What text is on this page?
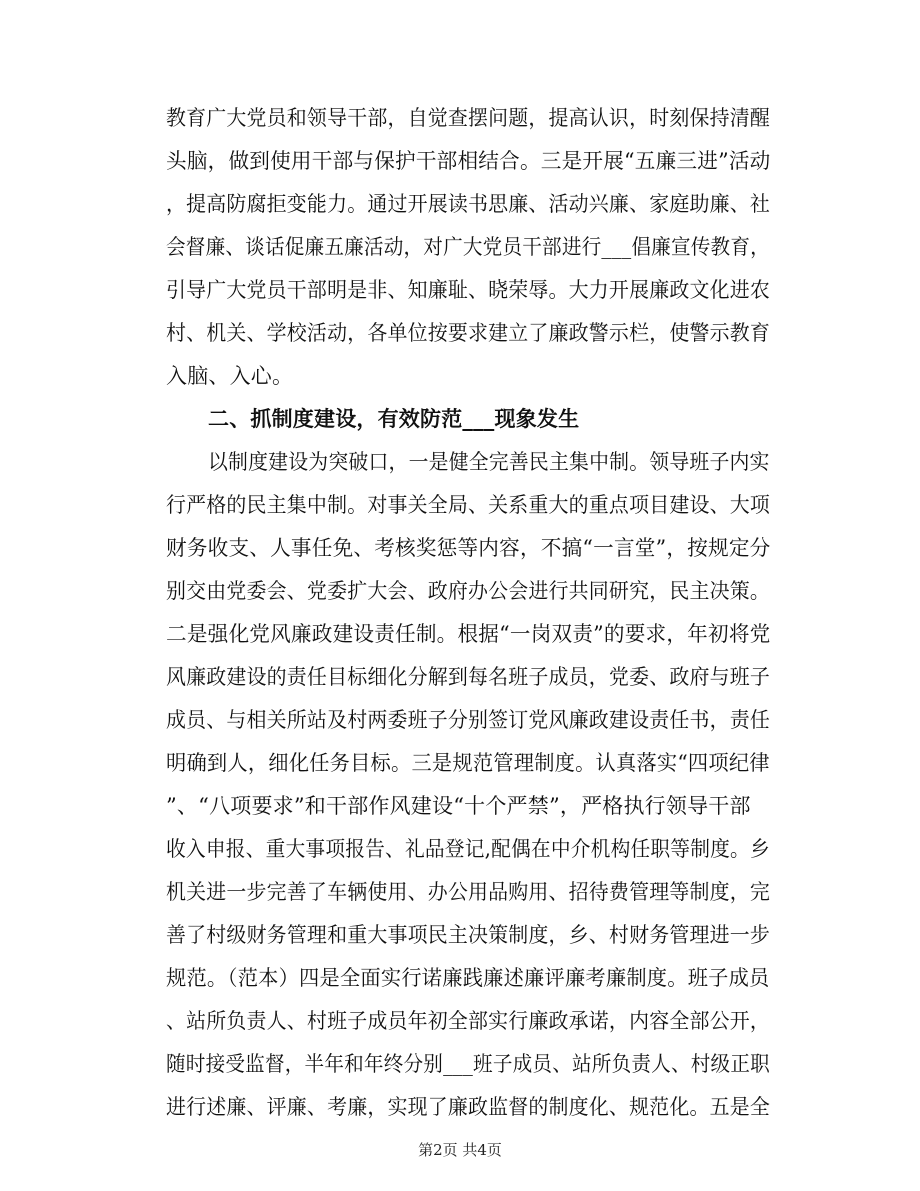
教育广大党员和领导干部，自觉查摆问题，提高认识，时刻保持清醒
头脑，做到使用干部与保护干部相结合。三是开展“五廉三进”活动
，提高防腐拒变能力。通过开展读书思廉、活动兴廉、家庭助廉、社
会督廉、谈话促廉五廉活动，对广大党员干部进行___倡廉宣传教育，
引导广大党员干部明是非、知廉耻、晓荣辱。大力开展廉政文化进农
村、机关、学校活动，各单位按要求建立了廉政警示栏，使警示教育
入脑、入心。
二、抓制度建设，有效防范___现象发生
以制度建设为突破口，一是健全完善民主集中制。领导班子内实
行严格的民主集中制。对事关全局、关系重大的重点项目建设、大项
财务收支、人事任免、考核奖惩等内容，不搞“一言堂”，按规定分
别交由党委会、党委扩大会、政府办公会进行共同研究，民主决策。
二是强化党风廉政建设责任制。根据“一岗双责”的要求，年初将党
风廉政建设的责任目标细化分解到每名班子成员，党委、政府与班子
成员、与相关所站及村两委班子分别签订党风廉政建设责任书，责任
明确到人，细化任务目标。三是规范管理制度。认真落实“四项纪律
”、“八项要求”和干部作风建设“十个严禁”，严格执行领导干部
收入申报、重大事项报告、礼品登记,配偶在中介机构任职等制度。乡
机关进一步完善了车辆使用、办公用品购用、招待费管理等制度，完
善了村级财务管理和重大事项民主决策制度，乡、村财务管理进一步
规范。（范本）四是全面实行诺廉践廉述廉评廉考廉制度。班子成员
、站所负责人、村班子成员年初全部实行廉政承诺，内容全部公开，
随时接受监督，半年和年终分别___班子成员、站所负责人、村级正职
进行述廉、评廉、考廉，实现了廉政监督的制度化、规范化。五是全
第2页 共4页
